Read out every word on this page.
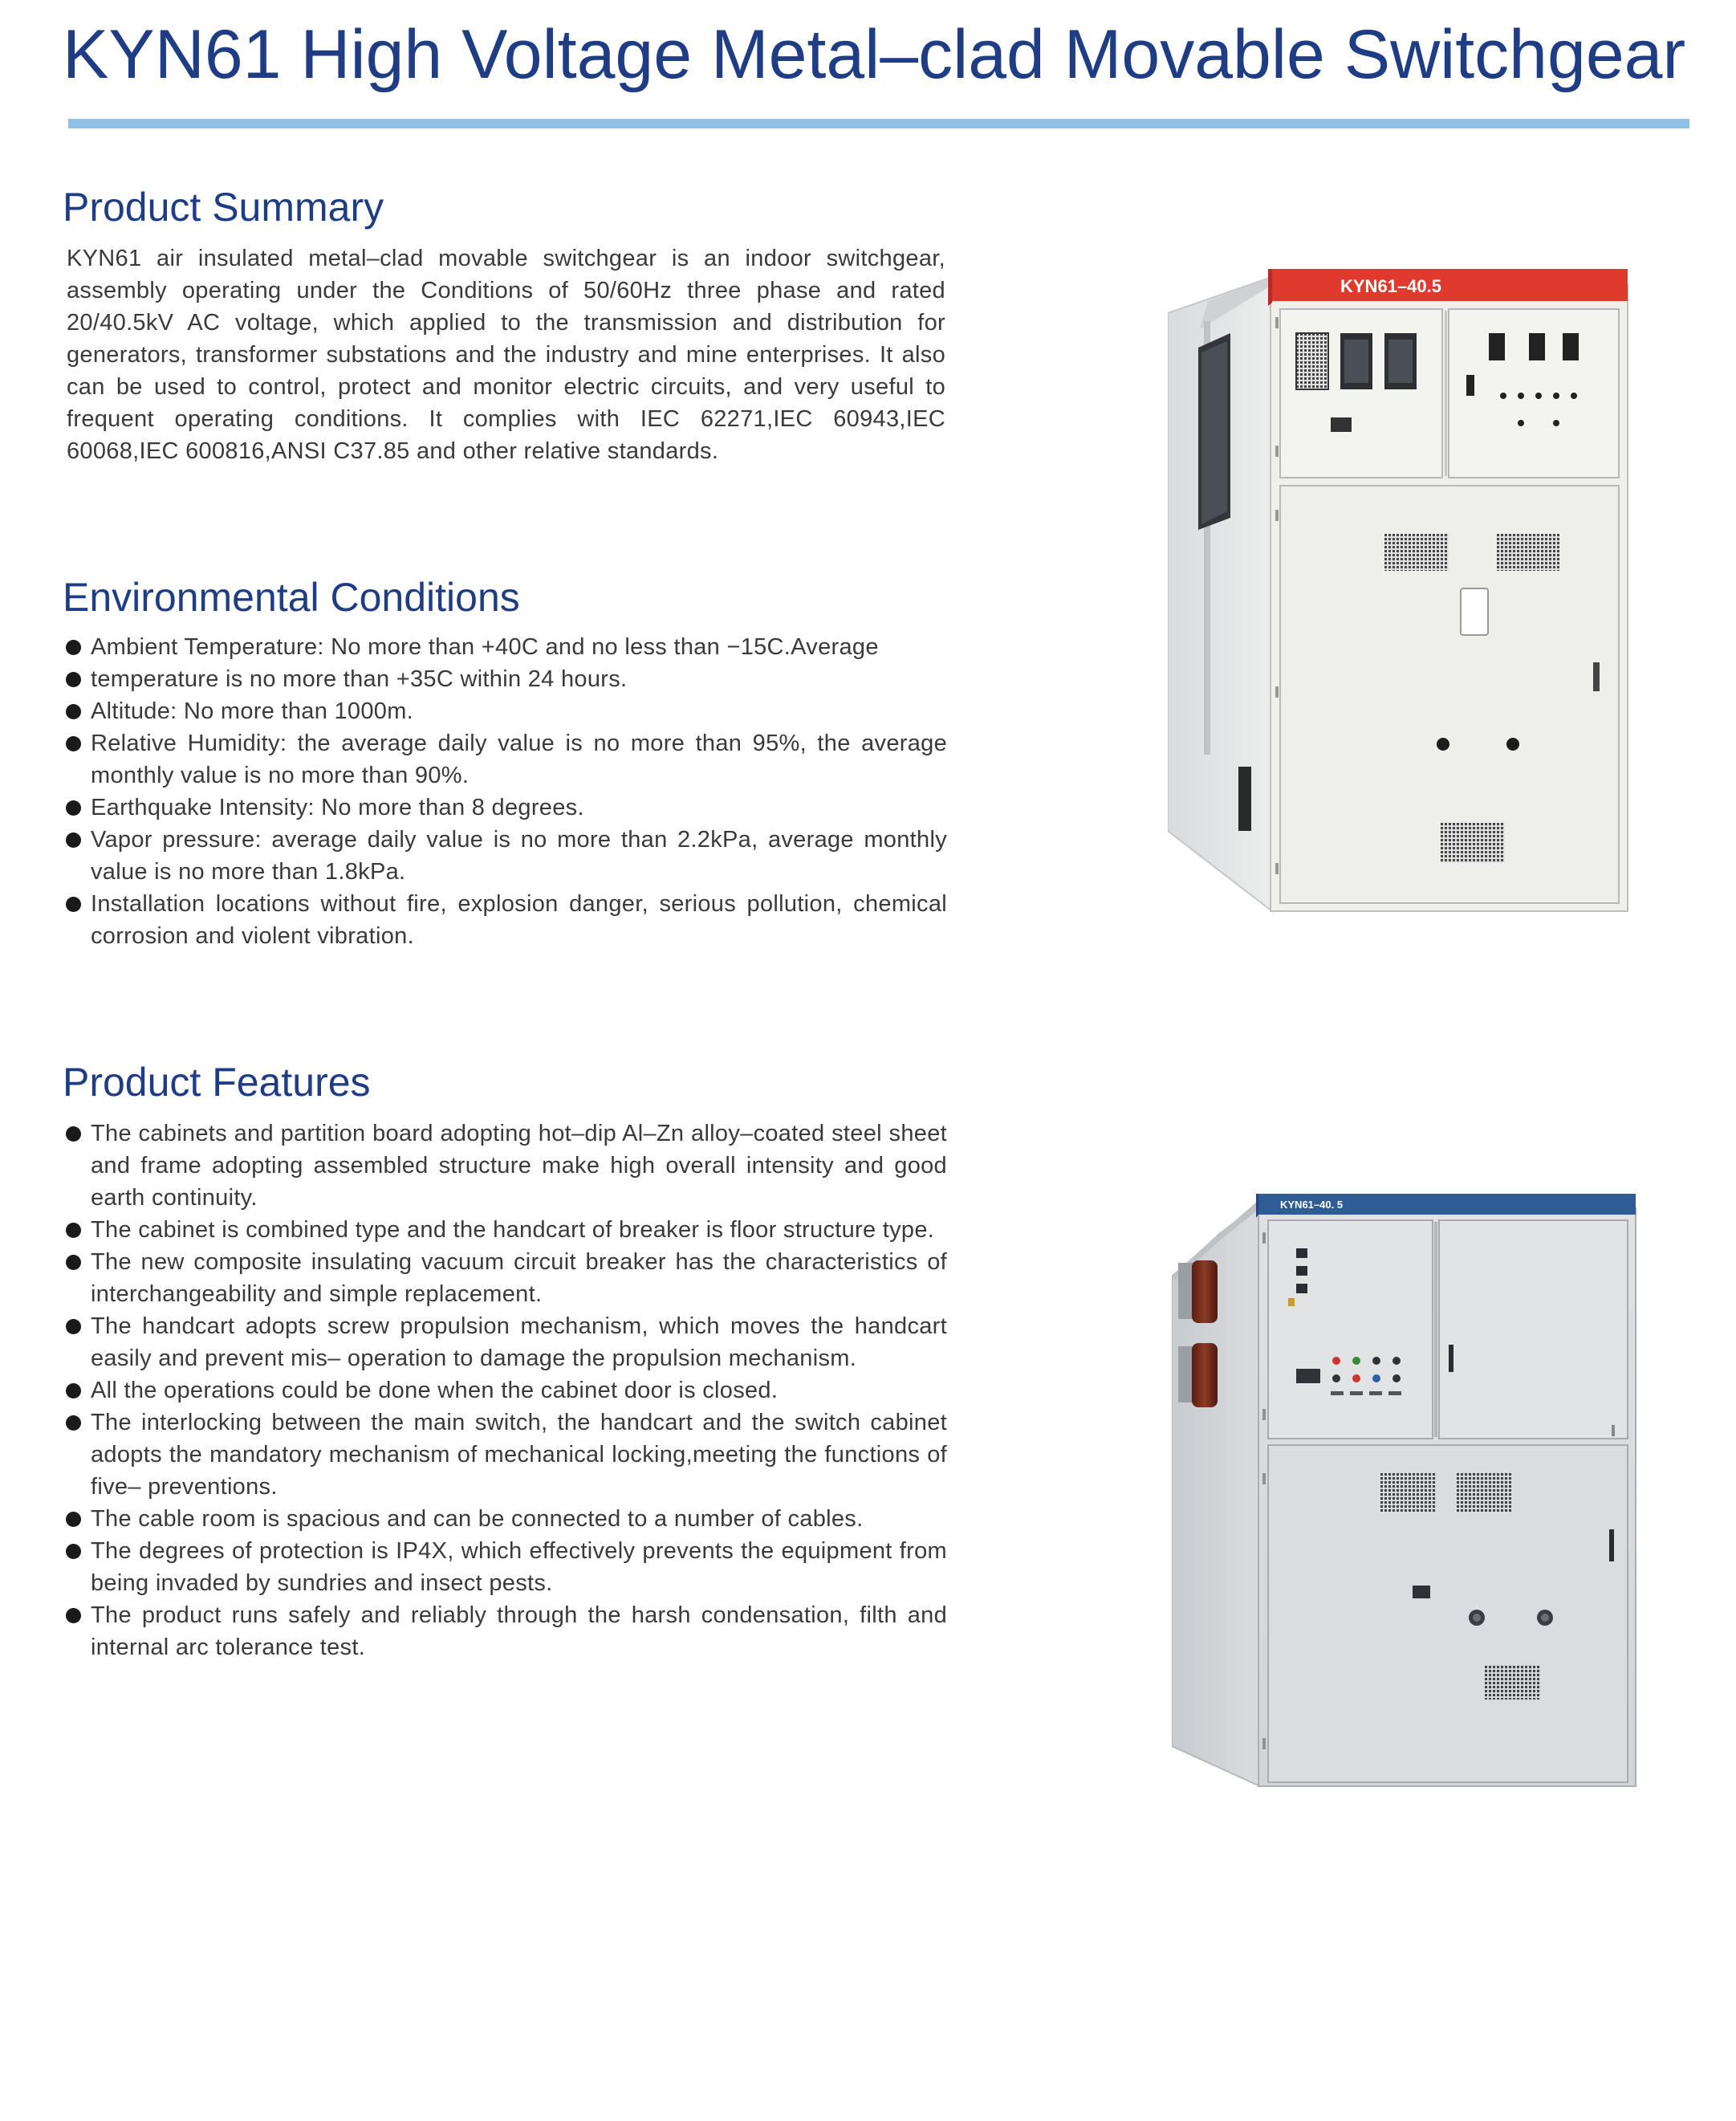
KYN61 High Voltage Metal–clad Movable Switchgear
Product Summary

KYN61 air insulated metal–clad movable switchgear is an indoor switchgear, assembly operating under the Conditions of 50/60Hz three phase and rated 20/40.5kV AC voltage, which applied to the transmission and distribution for generators, transformer substations and the industry and mine enterprises. It also can be used to control, protect and monitor electric circuits, and very useful to frequent operating conditions. It complies with IEC 62271,IEC 60943,IEC 60068,IEC 600816,ANSI C37.85 and other relative standards.

Environmental Conditions
Ambient Temperature: No more than +40C and no less than −15C.Average
temperature is no more than +35C within 24 hours.
Altitude: No more than 1000m.
Relative Humidity: the average daily value is no more than 95%, the average monthly value is no more than 90%.
Earthquake Intensity: No more than 8 degrees.
Vapor pressure: average daily value is no more than 2.2kPa, average monthly value is no more than 1.8kPa.
Installation locations without fire, explosion danger, serious pollution, chemical corrosion and violent vibration.
Product Features
The cabinets and partition board adopting hot–dip Al–Zn alloy–coated steel sheet and frame adopting assembled structure make high overall intensity and good earth continuity.
The cabinet is combined type and the handcart of breaker is floor structure type.
The new composite insulating vacuum circuit breaker has the characteristics of interchangeability and simple replacement.
The handcart adopts screw propulsion mechanism, which moves the handcart easily and prevent mis– operation to damage the propulsion mechanism.
All the operations could be done when the cabinet door is closed.
The interlocking between the main switch, the handcart and the switch cabinet adopts the mandatory mechanism of mechanical locking,meeting the functions of five– preventions.
The cable room is spacious and can be connected to a number of cables.
The degrees of protection is IP4X, which effectively prevents the equipment from being invaded by sundries and insect pests.
The product runs safely and reliably through the harsh condensation, filth and internal arc tolerance test.
KYN61–40.5
KYN61–40. 5
